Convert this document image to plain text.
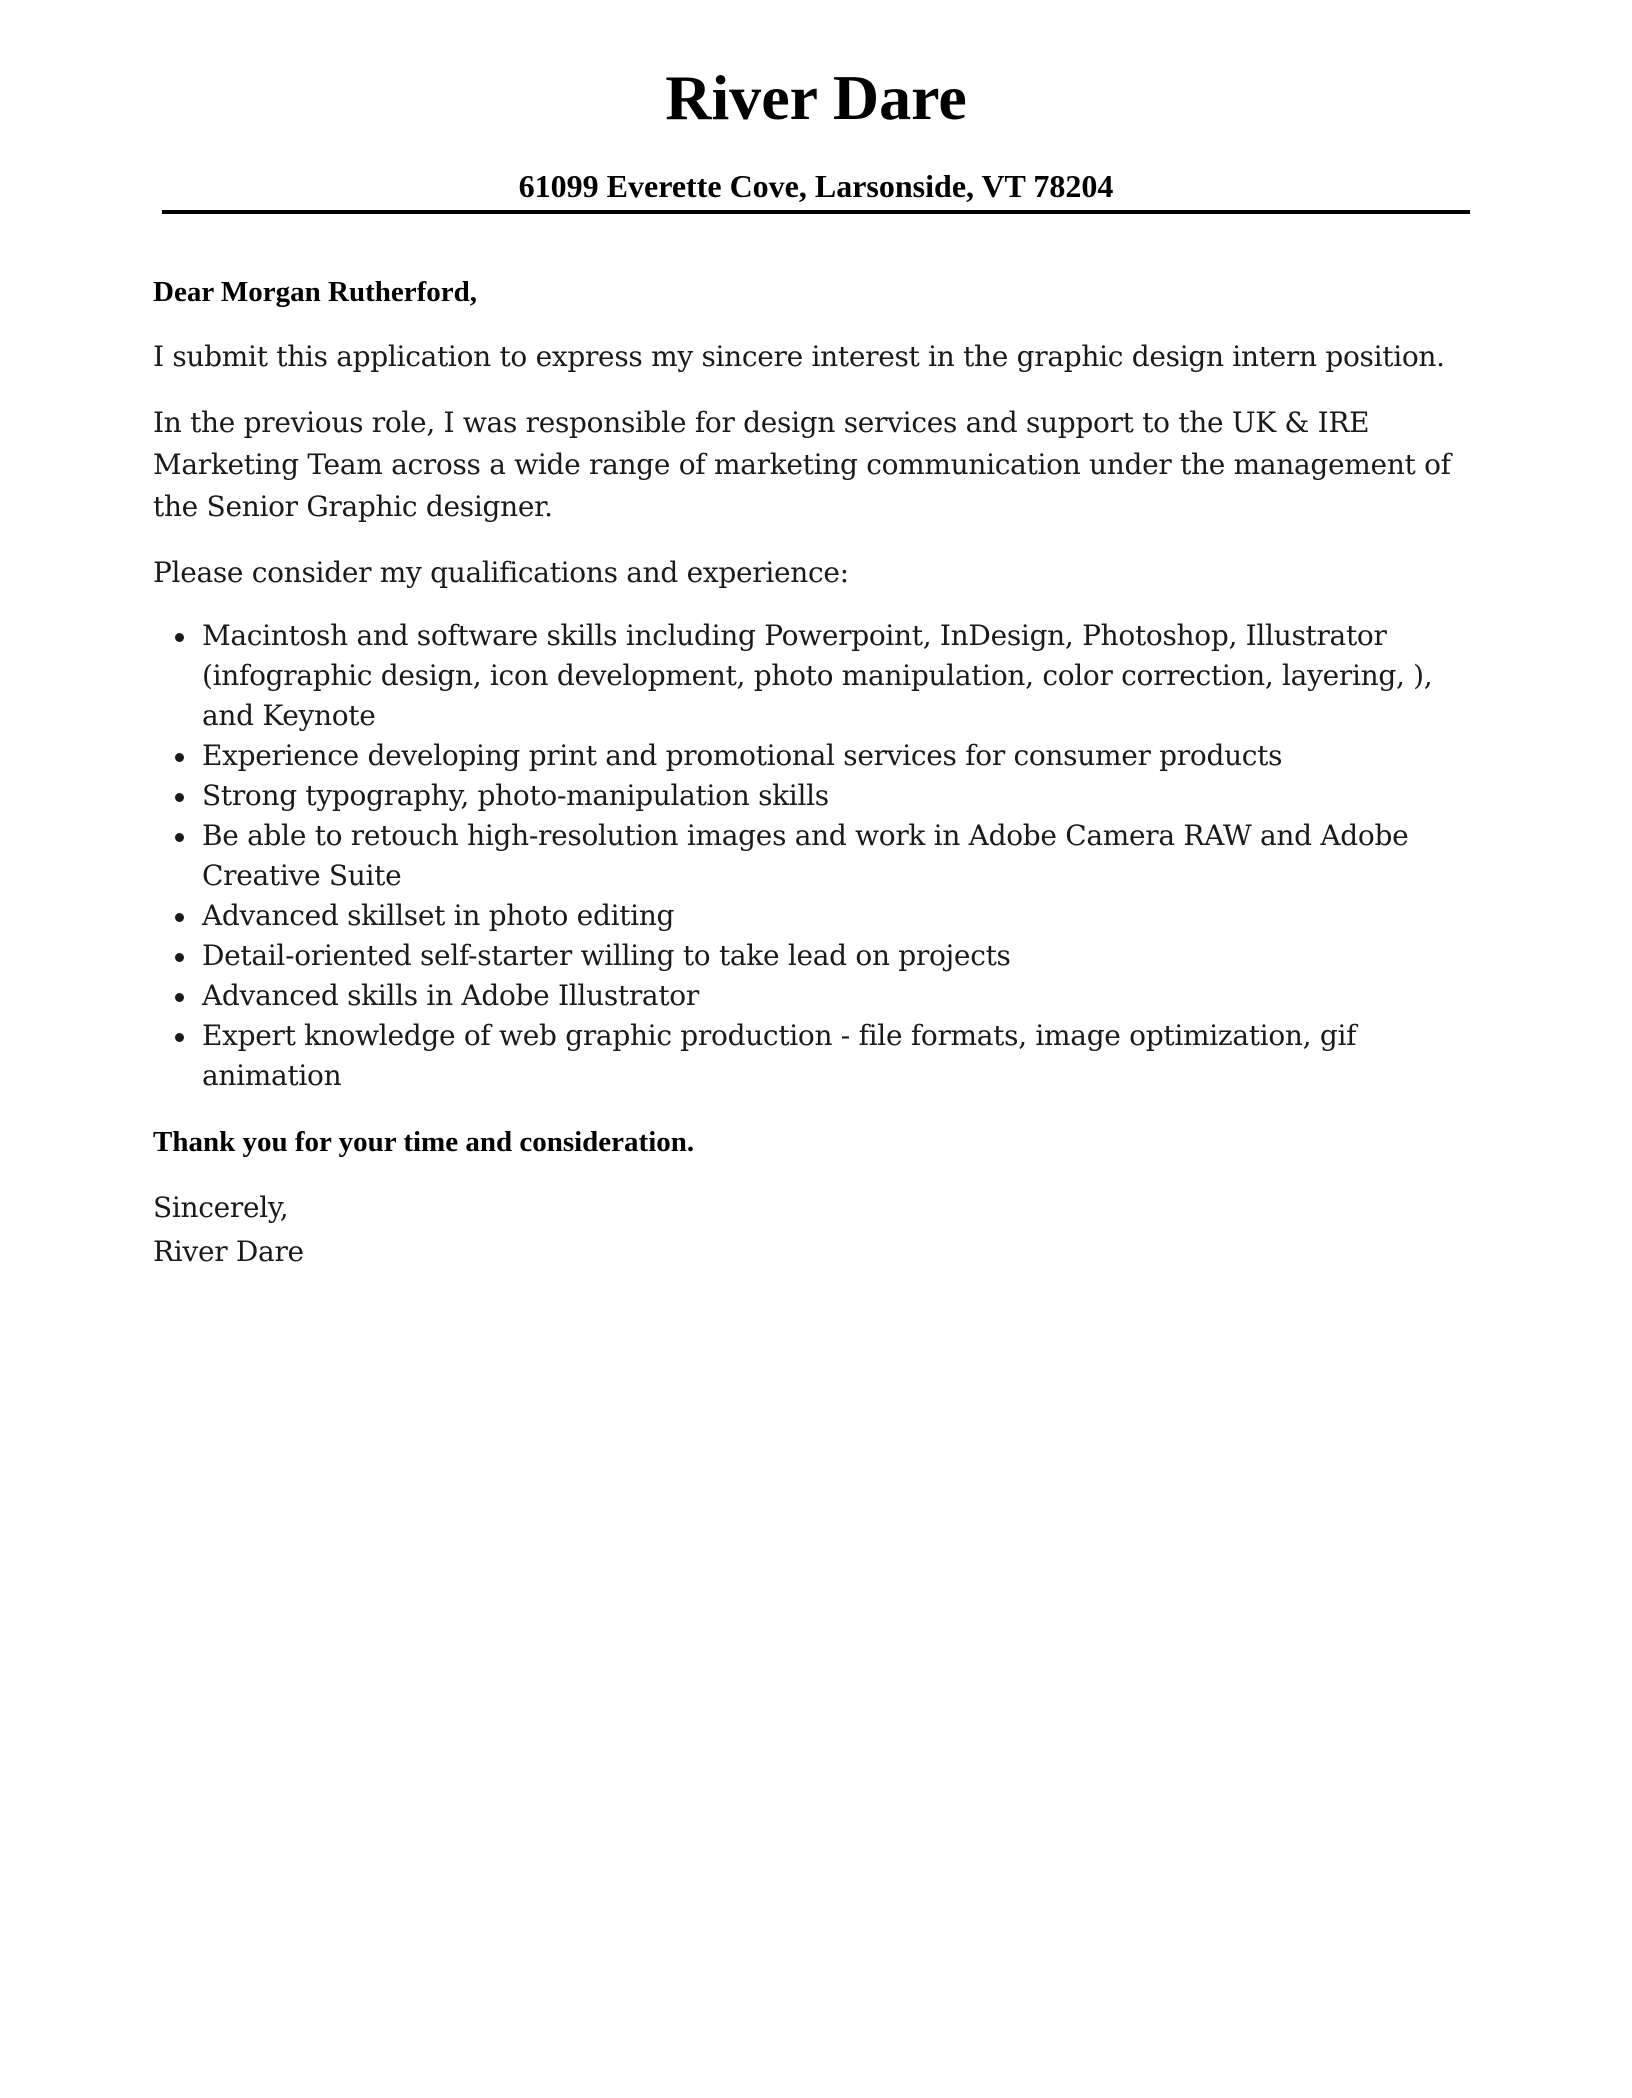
River Dare
61099 Everette Cove, Larsonside, VT 78204

Dear Morgan Rutherford,

I submit this application to express my sincere interest in the graphic design intern position.

In the previous role, I was responsible for design services and support to the UK & IRE Marketing Team across a wide range of marketing communication under the management of the Senior Graphic designer.

Please consider my qualifications and experience:

Macintosh and software skills including Powerpoint, InDesign, Photoshop, Illustrator (infographic design, icon development, photo manipulation, color correction, layering, ), and Keynote
Experience developing print and promotional services for consumer products
Strong typography, photo-manipulation skills
Be able to retouch high-resolution images and work in Adobe Camera RAW and Adobe Creative Suite
Advanced skillset in photo editing
Detail-oriented self-starter willing to take lead on projects
Advanced skills in Adobe Illustrator
Expert knowledge of web graphic production - file formats, image optimization, gif animation

Thank you for your time and consideration.

Sincerely,

River Dare
